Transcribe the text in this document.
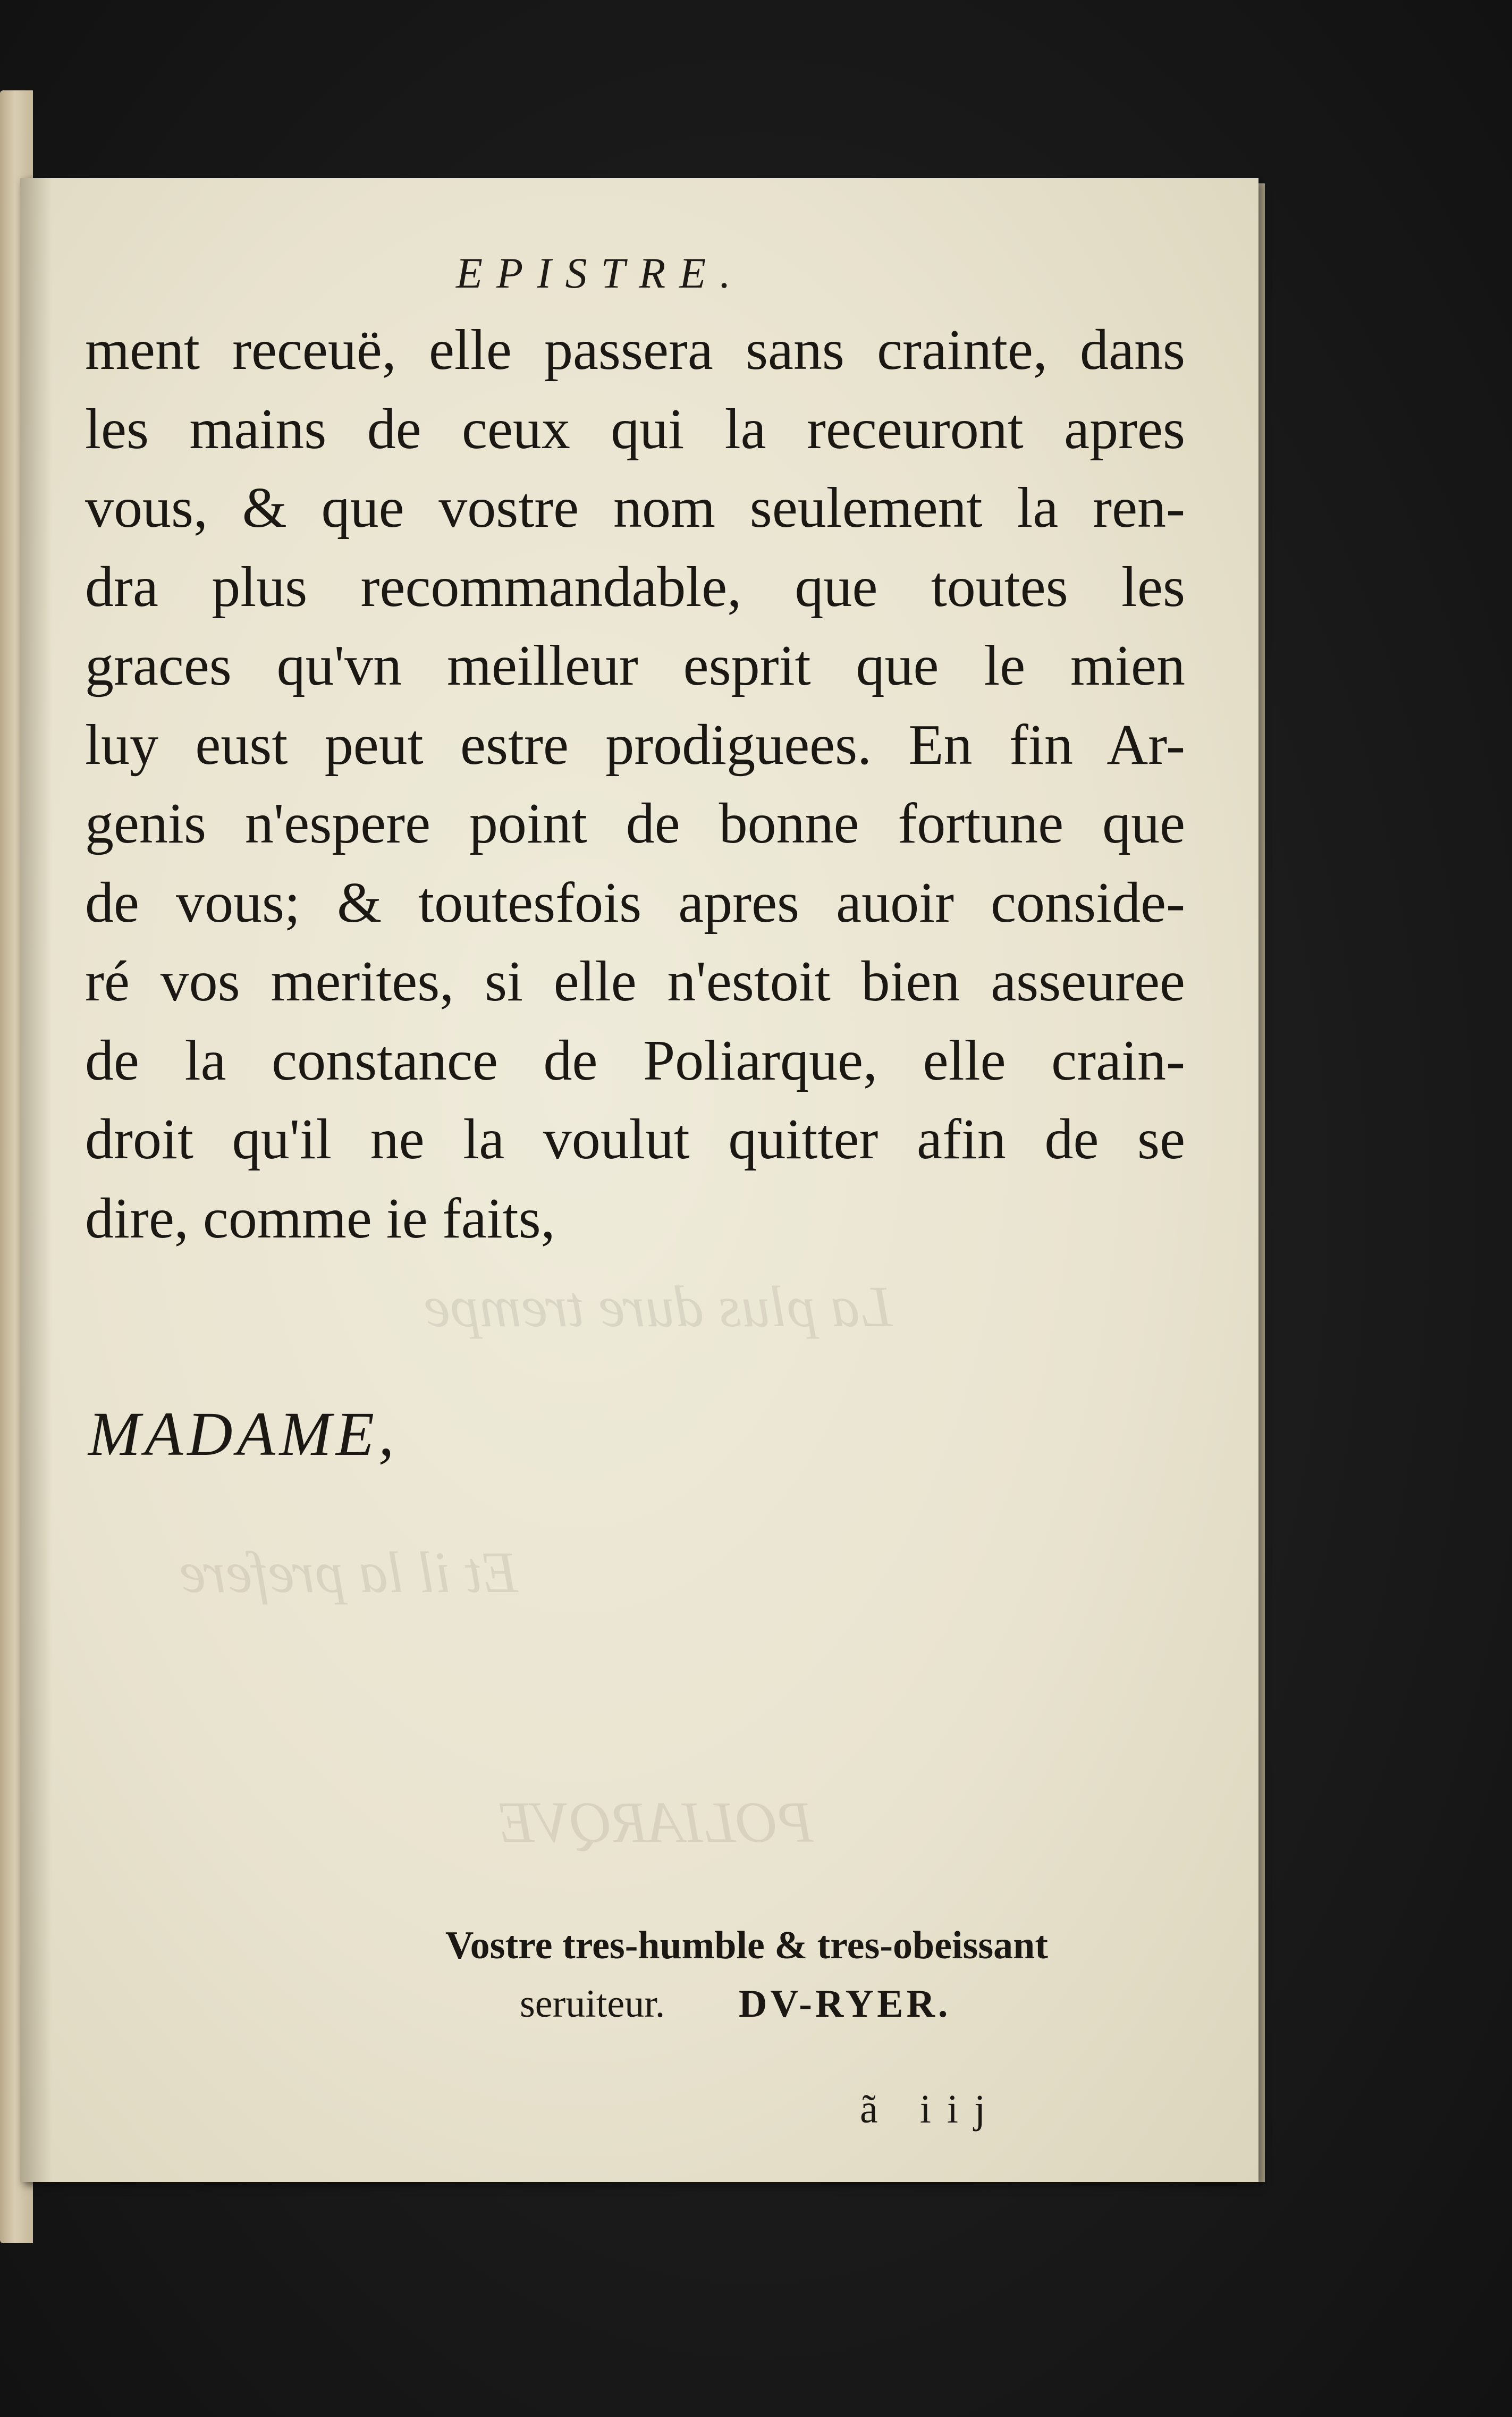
La plus dure trempe
Et il la prefere
POLIARQVE
EPISTRE.
ment receuë, elle passera sans crainte, dans
les mains de ceux qui la receuront apres
vous, & que vostre nom seulement la ren-
dra plus recommandable, que toutes les
graces qu'vn meilleur esprit que le mien
luy eust peut estre prodiguees. En fin Ar-
genis n'espere point de bonne fortune que
de vous; & toutesfois apres auoir conside-
ré vos merites, si elle n'estoit bien asseuree
de la constance de Poliarque, elle crain-
droit qu'il ne la voulut quitter afin de se
dire, comme ie faits,
MADAME,
Vostre tres-humble & tres-obeissant
seruiteur. DV-RYER.
ã iij
